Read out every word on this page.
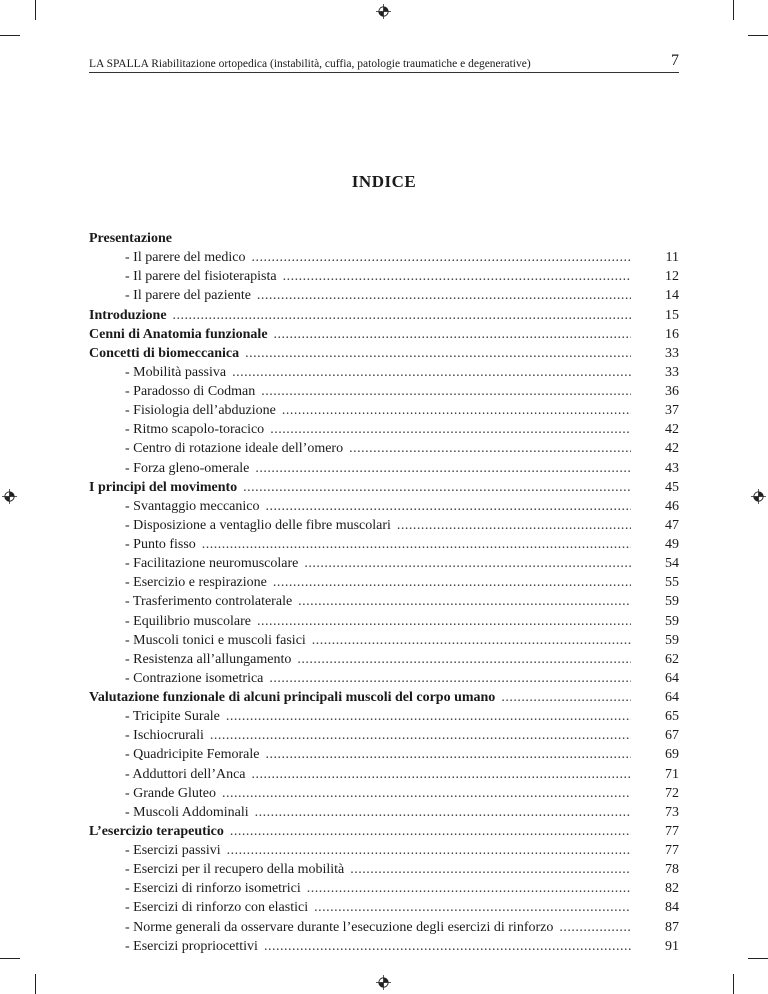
LA SPALLA Riabilitazione ortopedica (instabilità, cuffia, patologie traumatiche e degenerative)	7
INDICE
Presentazione
- Il parere del medico .....	11
- Il parere del fisioterapista .....	12
- Il parere del paziente .....	14
Introduzione .....	15
Cenni di Anatomia funzionale .....	16
Concetti di biomeccanica .....	33
- Mobilità passiva .....	33
- Paradosso di Codman .....	36
- Fisiologia dell’abduzione .....	37
- Ritmo scapolo-toracico .....	42
- Centro di rotazione ideale dell’omero .....	42
- Forza gleno-omerale .....	43
I principi del movimento .....	45
- Svantaggio meccanico .....	46
- Disposizione a ventaglio delle fibre muscolari .....	47
- Punto fisso .....	49
- Facilitazione neuromuscolare .....	54
- Esercizio e respirazione .....	55
- Trasferimento controlaterale .....	59
- Equilibrio muscolare .....	59
- Muscoli tonici e muscoli fasici .....	59
- Resistenza all’allungamento .....	62
- Contrazione isometrica .....	64
Valutazione funzionale di alcuni principali muscoli del corpo umano .....	64
- Tricipite Surale .....	65
- Ischiocrurali .....	67
- Quadricipite Femorale .....	69
- Adduttori dell’Anca .....	71
- Grande Gluteo .....	72
- Muscoli Addominali .....	73
L’esercizio terapeutico .....	77
- Esercizi passivi .....	77
- Esercizi per il recupero della mobilità .....	78
- Esercizi di rinforzo isometrici .....	82
- Esercizi di rinforzo con elastici .....	84
- Norme generali da osservare durante l’esecuzione degli esercizi di rinforzo .....	87
- Esercizi propriocettivi .....	91
